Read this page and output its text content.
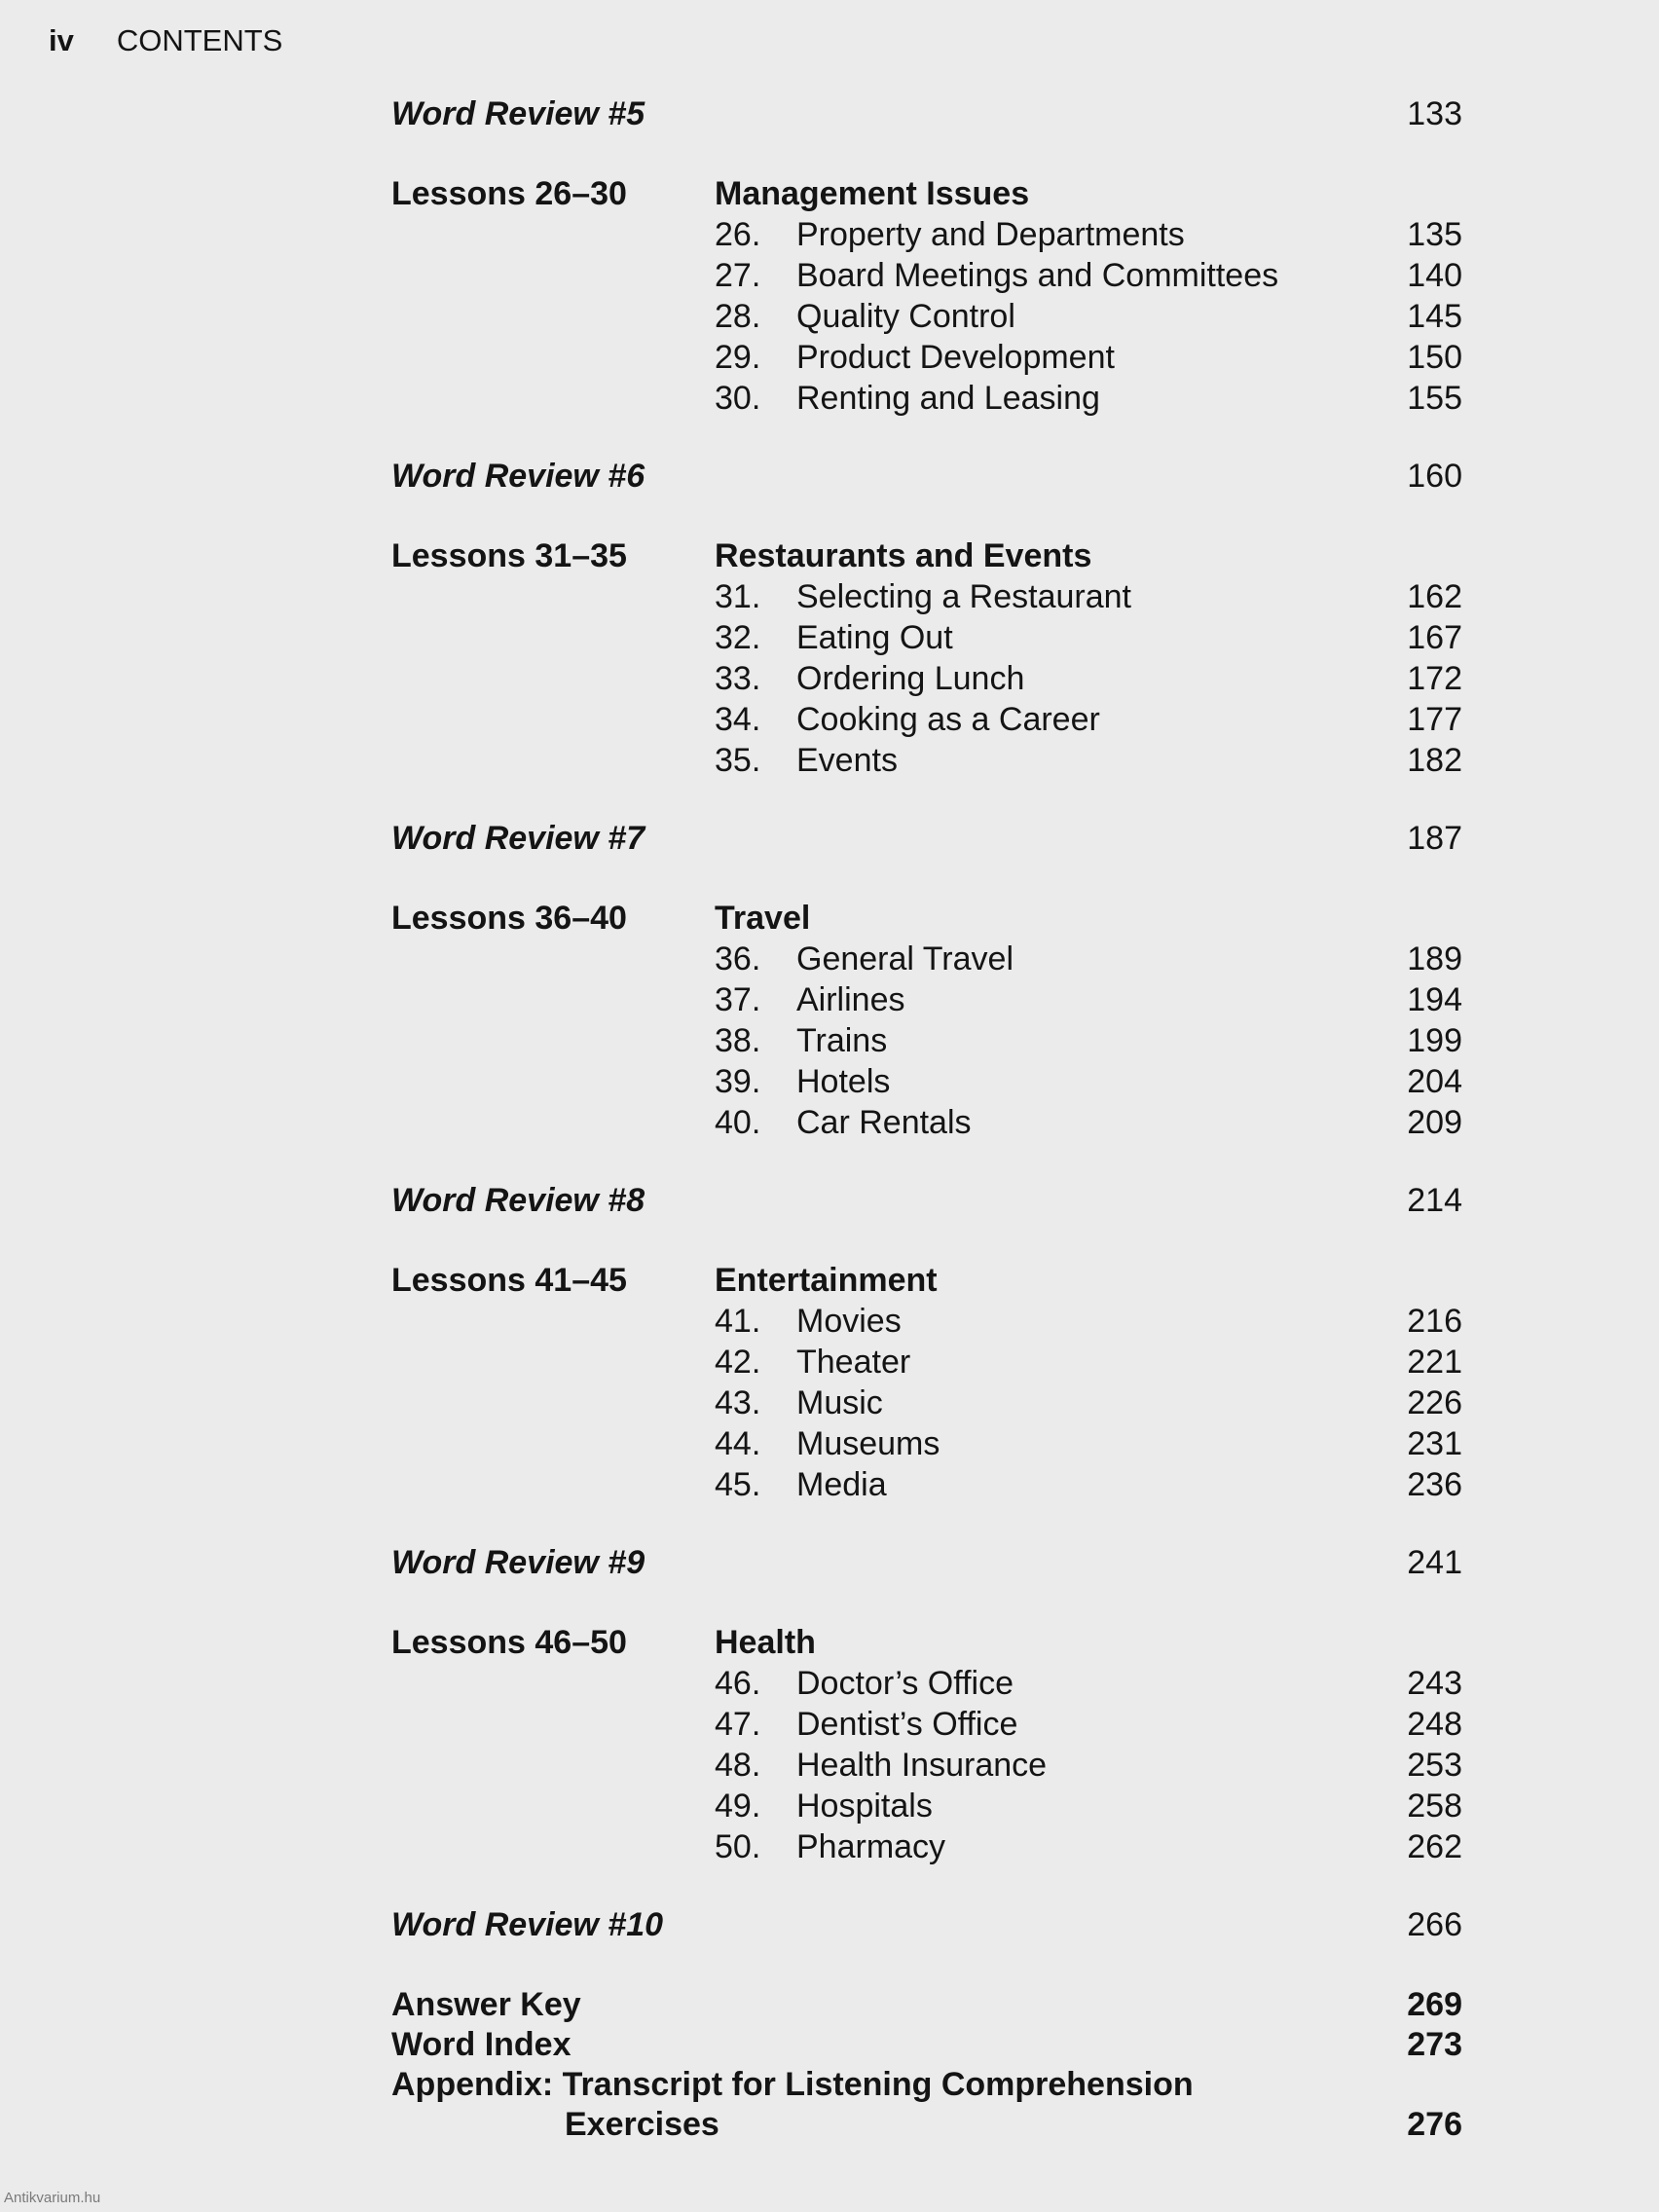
iv CONTENTS
Word Review #5	133
Lessons 26–30	Management Issues
26.	Property and Departments	135
27.	Board Meetings and Committees	140
28.	Quality Control	145
29.	Product Development	150
30.	Renting and Leasing	155
Word Review #6	160
Lessons 31–35	Restaurants and Events
31.	Selecting a Restaurant	162
32.	Eating Out	167
33.	Ordering Lunch	172
34.	Cooking as a Career	177
35.	Events	182
Word Review #7	187
Lessons 36–40	Travel
36.	General Travel	189
37.	Airlines	194
38.	Trains	199
39.	Hotels	204
40.	Car Rentals	209
Word Review #8	214
Lessons 41–45	Entertainment
41.	Movies	216
42.	Theater	221
43.	Music	226
44.	Museums	231
45.	Media	236
Word Review #9	241
Lessons 46–50	Health
46.	Doctor’s Office	243
47.	Dentist’s Office	248
48.	Health Insurance	253
49.	Hospitals	258
50.	Pharmacy	262
Word Review #10	266
Answer Key	269
Word Index	273
Appendix: Transcript for Listening Comprehension
Exercises	276
Antikvarium.hu
